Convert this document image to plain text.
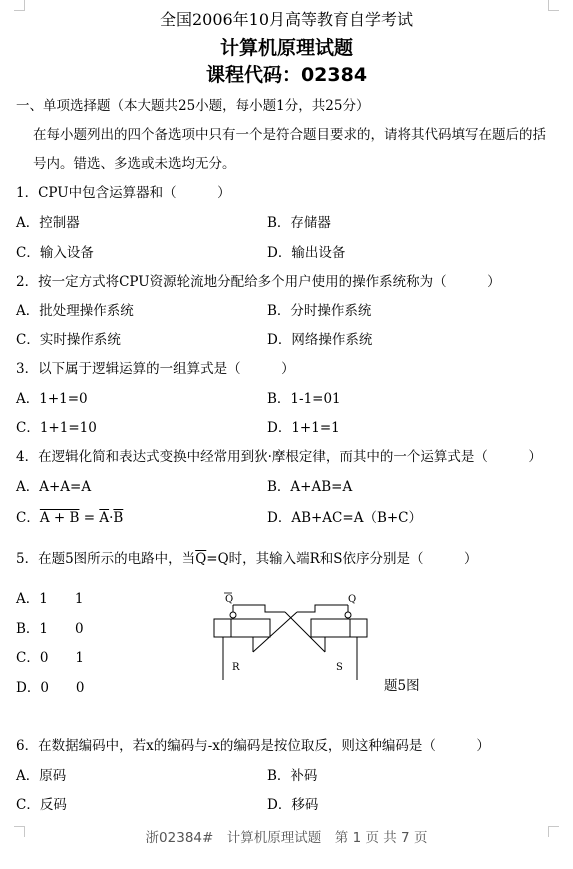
全国2006年10月高等教育自学考试
计算机原理试题
课程代码：02384
一、单项选择题（本大题共25小题，每小题1分，共25分）
在每小题列出的四个备选项中只有一个是符合题目要求的，请将其代码填写在题后的括
号内。错选、多选或未选均无分。
1．CPU中包含运算器和（　　　）
A．控制器	B．存储器
C．输入设备	D．输出设备
2．按一定方式将CPU资源轮流地分配给多个用户使用的操作系统称为（　　　）
A．批处理操作系统	B．分时操作系统
C．实时操作系统	D．网络操作系统
3．以下属于逻辑运算的一组算式是（　　　）
A．1+1=0	B．1-1=01
C．1+1=10	D．1+1=1
4．在逻辑化简和表达式变换中经常用到狄·摩根定律，而其中的一个运算式是（　　　）
A．A+A=A	B．A+AB=A
C．$A + B = \overline{A}\cdot\overline{B}$	D．AB+AC=A（B+C）
5．在题5图所示的电路中，当$\overline{Q}=Q$时，其输入端R和S依序分别是（　　　）
A．1　　1
B．1　　0
C．0　　1
D．0　　0
Q	Q
R	S
题5图
6．在数据编码中，若x的编码与-x的编码是按位取反，则这种编码是（　　　）
A．原码	B．补码
C．反码	D．移码
浙02384#　计算机原理试题　第 1 页 共 7 页
